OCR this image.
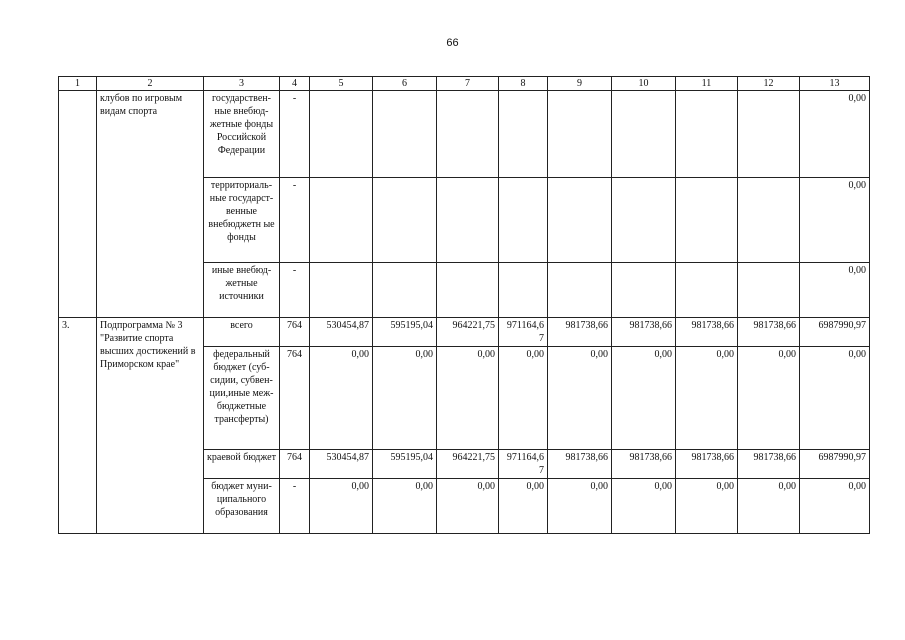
66
1	2	3	4	5	6	7	8	9	10	11	12	13
	клубов по игровым видам спорта	государствен-ные внебюд-жетные фонды Российской Федерации	-									0,00
		территориаль-ные государст-венные внебюджетн ые фонды	-									0,00
		иные внебюд-жетные источники	-									0,00
3.	Подпрограмма № 3 "Развитие спорта высших достижений в Приморском крае"	всего	764	530454,87	595195,04	964221,75	971164,67	981738,66	981738,66	981738,66	981738,66	6987990,97
		федеральный бюджет (суб-сидии, субвен-ции,иные меж-бюджетные трансферты)	764	0,00	0,00	0,00	0,00	0,00	0,00	0,00	0,00	0,00
		краевой бюджет	764	530454,87	595195,04	964221,75	971164,67	981738,66	981738,66	981738,66	981738,66	6987990,97
		бюджет муни-ципального образования	-	0,00	0,00	0,00	0,00	0,00	0,00	0,00	0,00	0,00
